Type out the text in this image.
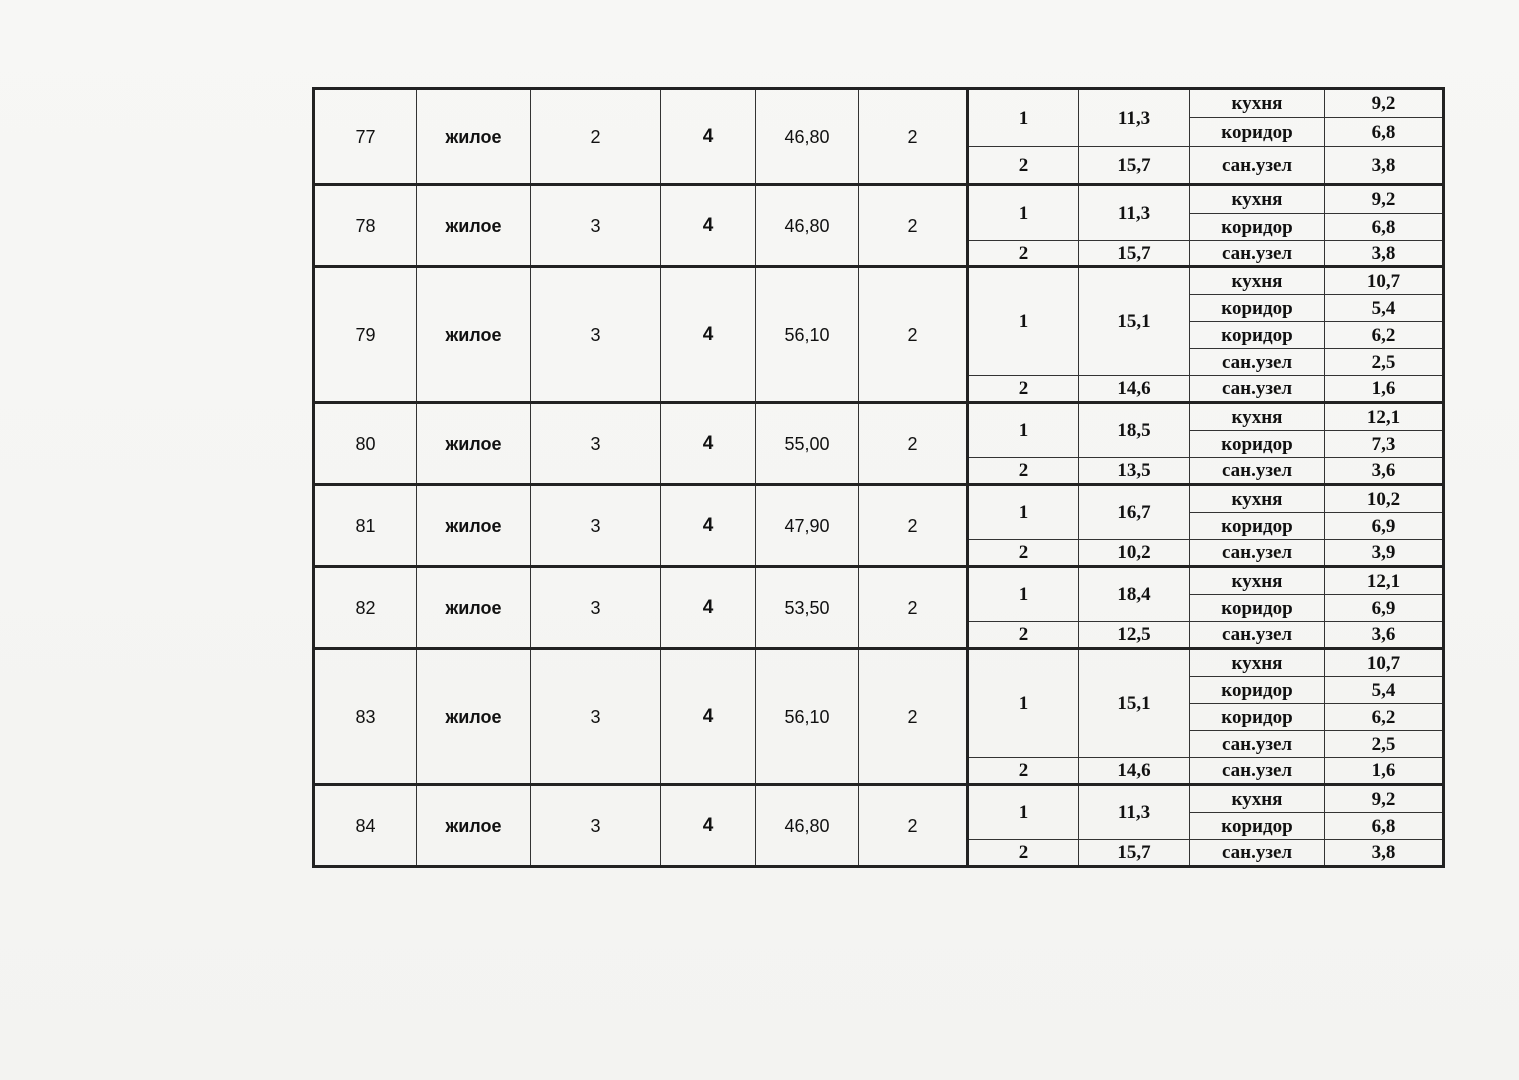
77	жилое	2	4	46,80	2	1	11,3	кухня	9,2
								коридор	6,8
						2	15,7	сан.узел	3,8
78	жилое	3	4	46,80	2	1	11,3	кухня	9,2
								коридор	6,8
						2	15,7	сан.узел	3,8
79	жилое	3	4	56,10	2	1	15,1	кухня	10,7
								коридор	5,4
								коридор	6,2
								сан.узел	2,5
						2	14,6	сан.узел	1,6
80	жилое	3	4	55,00	2	1	18,5	кухня	12,1
								коридор	7,3
						2	13,5	сан.узел	3,6
81	жилое	3	4	47,90	2	1	16,7	кухня	10,2
								коридор	6,9
						2	10,2	сан.узел	3,9
82	жилое	3	4	53,50	2	1	18,4	кухня	12,1
								коридор	6,9
						2	12,5	сан.узел	3,6
83	жилое	3	4	56,10	2	1	15,1	кухня	10,7
								коридор	5,4
								коридор	6,2
								сан.узел	2,5
						2	14,6	сан.узел	1,6
84	жилое	3	4	46,80	2	1	11,3	кухня	9,2
								коридор	6,8
						2	15,7	сан.узел	3,8
